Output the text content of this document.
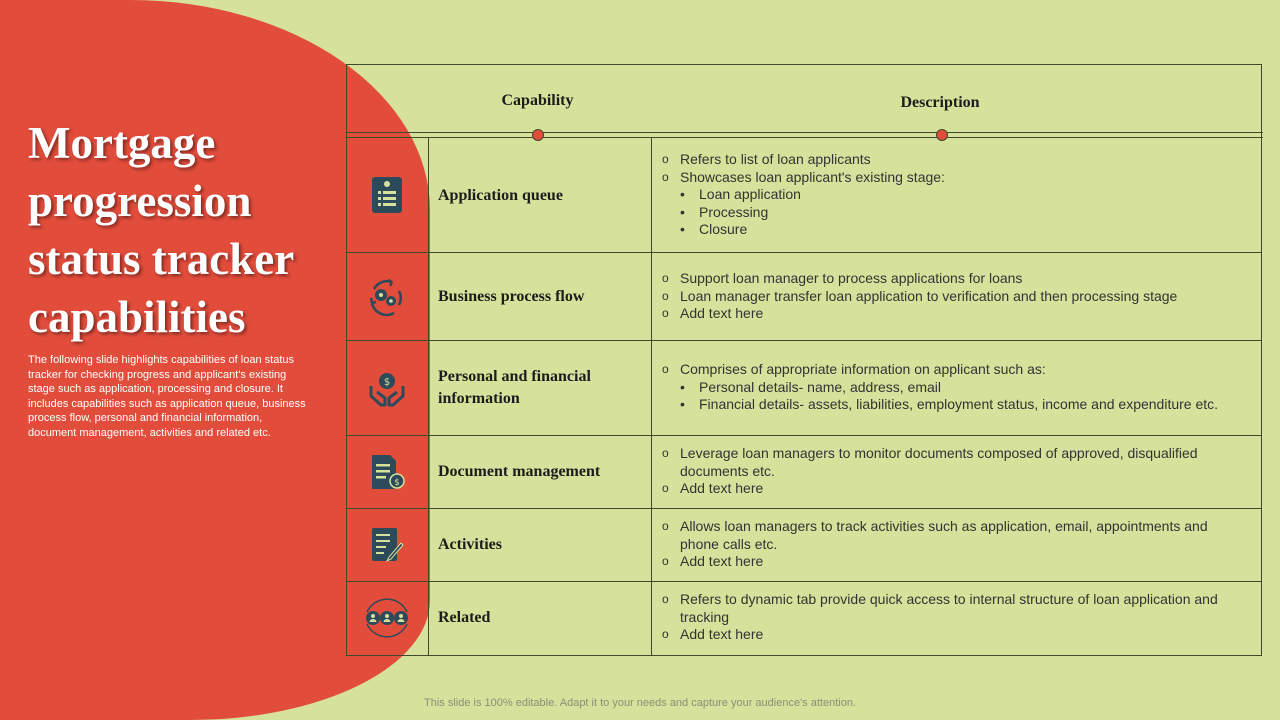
Mortgage progression status tracker capabilities
The following slide highlights capabilities of loan status tracker for checking progress and applicant's existing stage such as application, processing and closure. It includes capabilities such as application queue, business process flow, personal and financial information, document management, activities and related etc.
Capability	Description
Application queue
o Refers to list of loan applicants
o Showcases loan applicant's existing stage:
• Loan application
• Processing
• Closure
Business process flow
o Support loan manager to process applications for loans
o Loan manager transfer loan application to verification and then processing stage
o Add text here
$	Personal and financial information
o Comprises of appropriate information on applicant such as:
• Personal details- name, address, email
• Financial details- assets, liabilities, employment status, income and expenditure etc.
$
Document management
o Leverage loan managers to monitor documents composed of approved, disqualified documents etc.
o Add text here
Activities
o Allows loan managers to track activities such as application, email, appointments and phone calls etc.
o Add text here
Related
o Refers to dynamic tab provide quick access to internal structure of loan application and tracking
o Add text here
This slide is 100% editable. Adapt it to your needs and capture your audience's attention.
